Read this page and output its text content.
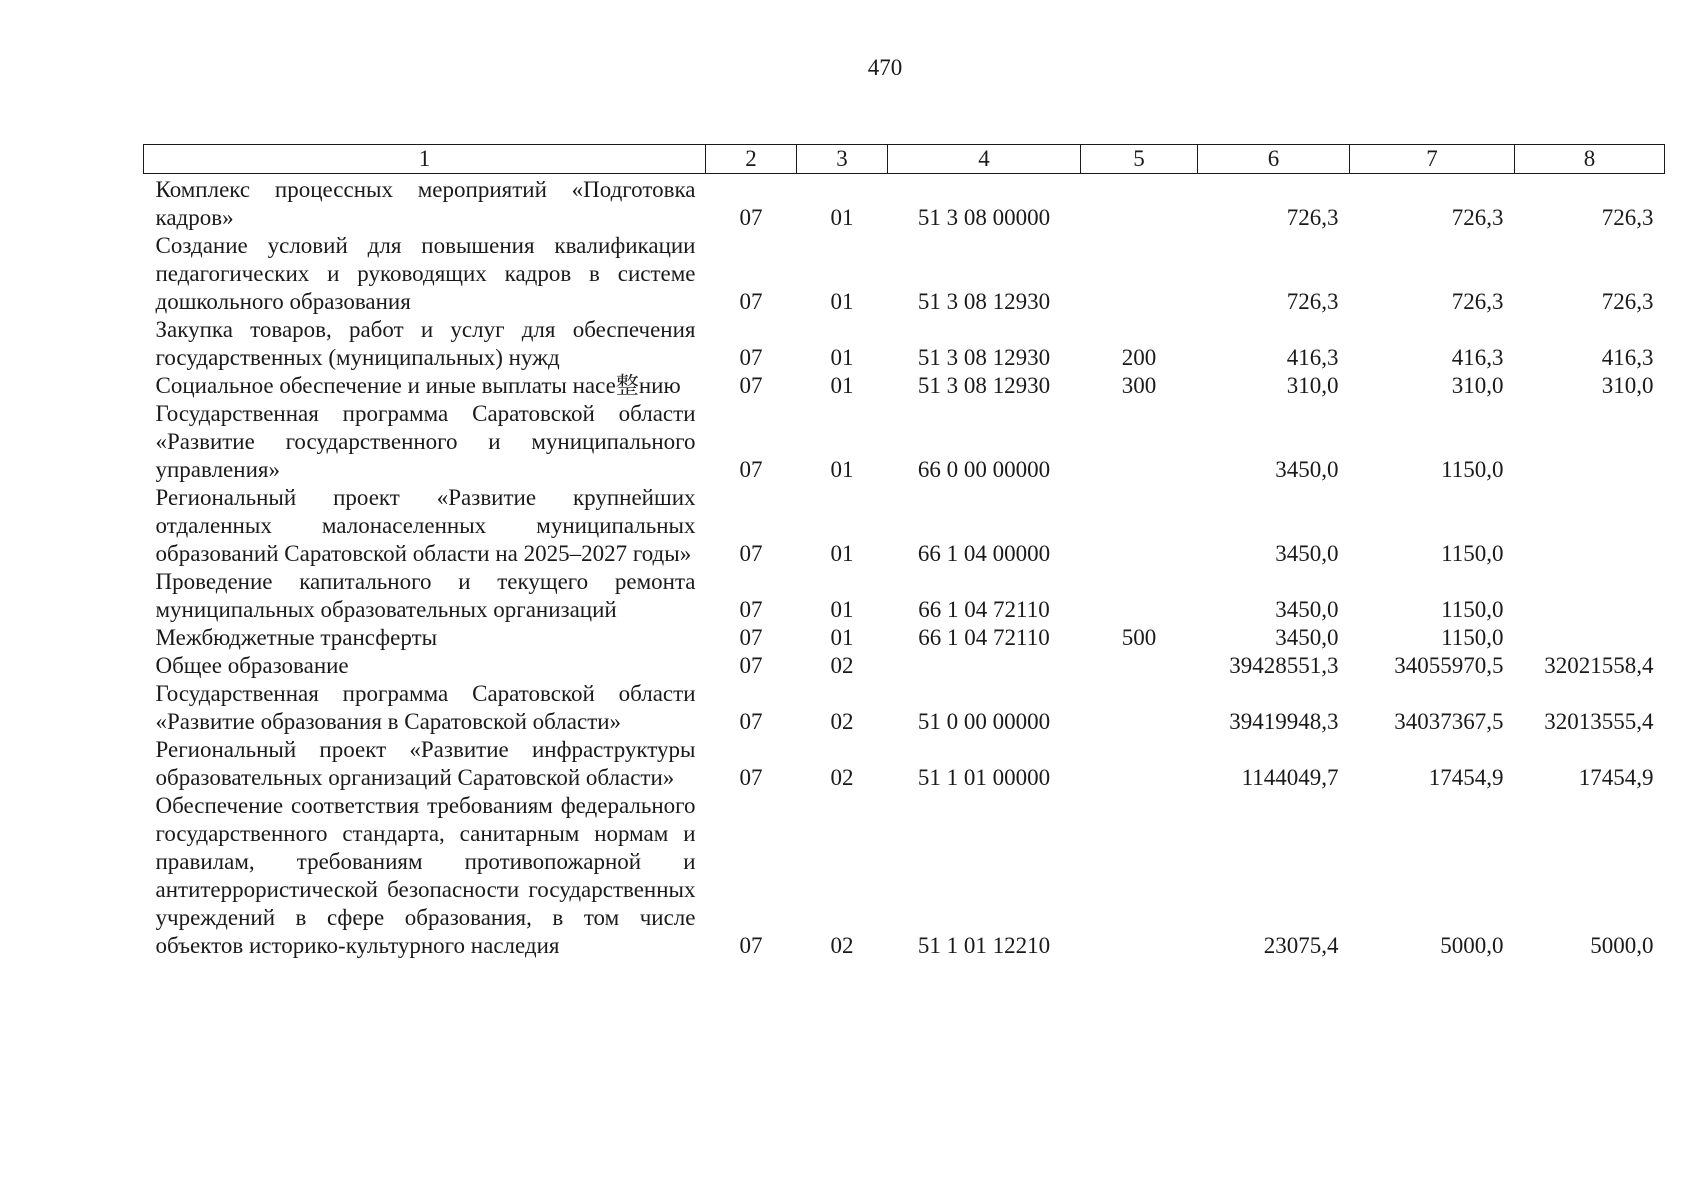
470
1	2	3	4	5	6	7	8
Комплекс процессных мероприятий «Подготовка кадров»	07	01	51 3 08 00000		726,3	726,3	726,3
Создание условий для повышения квалификации педагогических и руководящих кадров в системе дошкольного образования	07	01	51 3 08 12930		726,3	726,3	726,3
Закупка товаров, работ и услуг для обеспечения государственных (муниципальных) нужд	07	01	51 3 08 12930	200	416,3	416,3	416,3
Социальное обеспечение и иные выплаты насе整нию	07	01	51 3 08 12930	300	310,0	310,0	310,0
Государственная программа Саратовской области «Развитие государственного и муниципального управления»	07	01	66 0 00 00000		3450,0	1150,0	
Региональный проект «Развитие крупнейших отдаленных малонаселенных муниципальных образований Саратовской области на 2025–2027 годы»	07	01	66 1 04 00000		3450,0	1150,0	
Проведение капитального и текущего ремонта муниципальных образовательных организаций	07	01	66 1 04 72110		3450,0	1150,0	
Межбюджетные трансферты	07	01	66 1 04 72110	500	3450,0	1150,0	
Общее образование	07	02			39428551,3	34055970,5	32021558,4
Государственная программа Саратовской области «Развитие образования в Саратовской области»	07	02	51 0 00 00000		39419948,3	34037367,5	32013555,4
Региональный проект «Развитие инфраструктуры образовательных организаций Саратовской области»	07	02	51 1 01 00000		1144049,7	17454,9	17454,9
Обеспечение соответствия требованиям федерального государственного стандарта, санитарным нормам и правилам, требованиям противопожарной и антитеррористической безопасности государственных учреждений в сфере образования, в том числе объектов историко-культурного наследия	07	02	51 1 01 12210		23075,4	5000,0	5000,0
